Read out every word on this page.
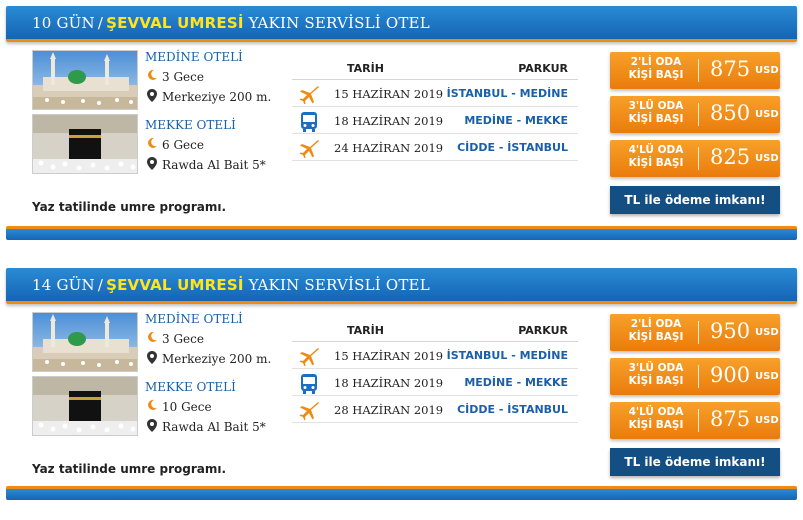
10 GÜN / ŞEVVAL UMRESİ YAKIN SERVİSLİ OTEL
MEDİNE OTELİ
3 Gece
Merkeziye 200 m.
MEKKE OTELİ
6 Gece
Rawda Al Bait 5*
Yaz tatilinde umre programı.
TARİH	PARKUR
15 HAZİRAN 2019 İSTANBUL - MEDİNE
18 HAZİRAN 2019 MEDİNE - MEKKE
24 HAZİRAN 2019 CİDDE - İSTANBUL
2'Lİ ODA
KİŞİ BAŞI	875 USD
3'LÜ ODA
KİŞİ BAŞI	850 USD
4'LÜ ODA
KİŞİ BAŞI	825 USD
TL ile ödeme imkanı!
14 GÜN / ŞEVVAL UMRESİ YAKIN SERVİSLİ OTEL
MEDİNE OTELİ
3 Gece
Merkeziye 200 m.
MEKKE OTELİ
10 Gece
Rawda Al Bait 5*
Yaz tatilinde umre programı.
TARİH	PARKUR
15 HAZİRAN 2019 İSTANBUL - MEDİNE
18 HAZİRAN 2019 MEDİNE - MEKKE
28 HAZİRAN 2019 CİDDE - İSTANBUL
2'Lİ ODA
KİŞİ BAŞI	950 USD
3'LÜ ODA
KİŞİ BAŞI	900 USD
4'LÜ ODA
KİŞİ BAŞI	875 USD
TL ile ödeme imkanı!
